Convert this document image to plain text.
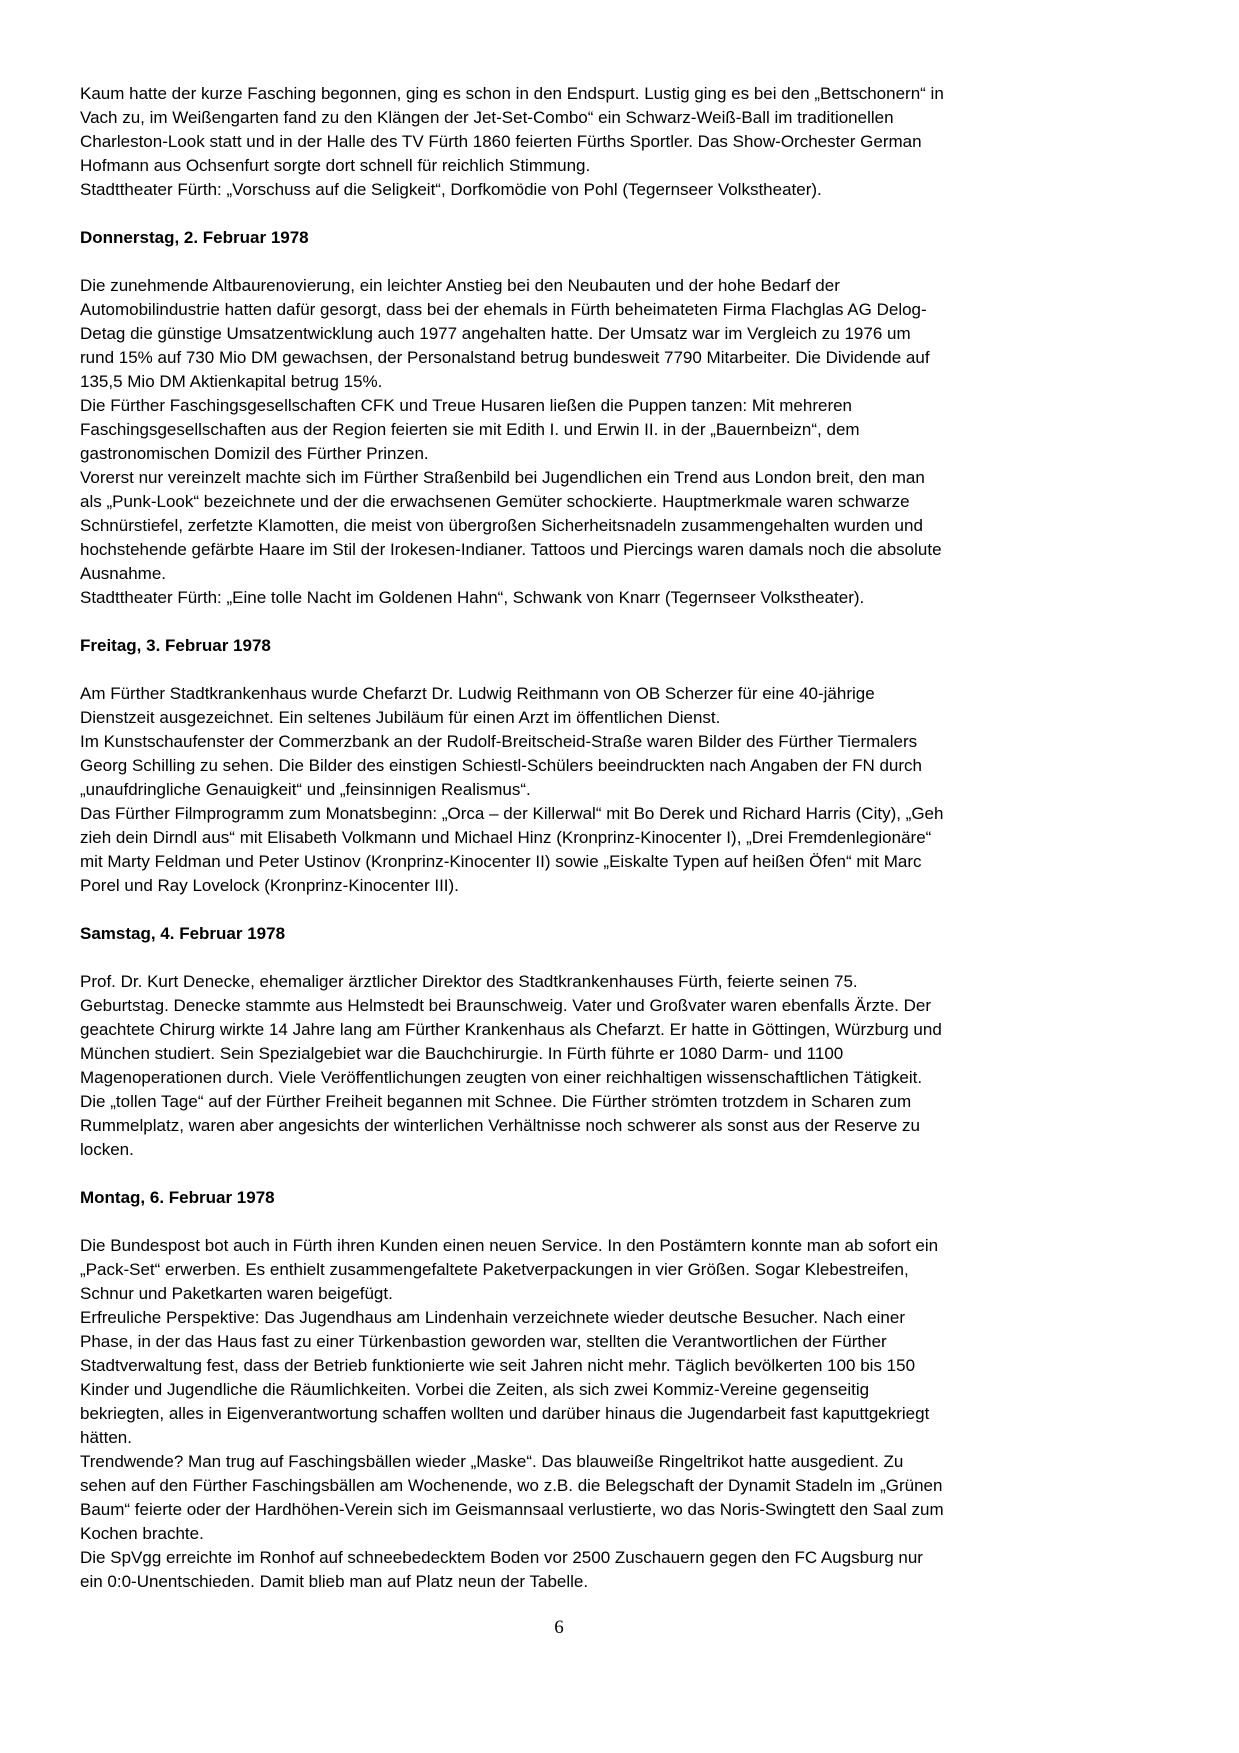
Kaum hatte der kurze Fasching begonnen, ging es schon in den Endspurt. Lustig ging es bei den „Bettschonern“ in
Vach zu, im Weißengarten fand zu den Klängen der Jet-Set-Combo“ ein Schwarz-Weiß-Ball im traditionellen
Charleston-Look statt und in der Halle des TV Fürth 1860 feierten Fürths Sportler. Das Show-Orchester German
Hofmann aus Ochsenfurt sorgte dort schnell für reichlich Stimmung.
Stadttheater Fürth: „Vorschuss auf die Seligkeit“, Dorfkomödie von Pohl (Tegernseer Volkstheater).

Donnerstag, 2. Februar 1978

Die zunehmende Altbaurenovierung, ein leichter Anstieg bei den Neubauten und der hohe Bedarf der
Automobilindustrie hatten dafür gesorgt, dass bei der ehemals in Fürth beheimateten Firma Flachglas AG Delog-
Detag die günstige Umsatzentwicklung auch 1977 angehalten hatte. Der Umsatz war im Vergleich zu 1976 um
rund 15% auf 730 Mio DM gewachsen, der Personalstand betrug bundesweit 7790 Mitarbeiter. Die Dividende auf
135,5 Mio DM Aktienkapital betrug 15%.
Die Fürther Faschingsgesellschaften CFK und Treue Husaren ließen die Puppen tanzen: Mit mehreren
Faschingsgesellschaften aus der Region feierten sie mit Edith I. und Erwin II. in der „Bauernbeizn“, dem
gastronomischen Domizil des Fürther Prinzen.
Vorerst nur vereinzelt machte sich im Fürther Straßenbild bei Jugendlichen ein Trend aus London breit, den man
als „Punk-Look“ bezeichnete und der die erwachsenen Gemüter schockierte. Hauptmerkmale waren schwarze
Schnürstiefel, zerfetzte Klamotten, die meist von übergroßen Sicherheitsnadeln zusammengehalten wurden und
hochstehende gefärbte Haare im Stil der Irokesen-Indianer. Tattoos und Piercings waren damals noch die absolute
Ausnahme.
Stadttheater Fürth: „Eine tolle Nacht im Goldenen Hahn“, Schwank von Knarr (Tegernseer Volkstheater).

Freitag, 3. Februar 1978

Am Fürther Stadtkrankenhaus wurde Chefarzt Dr. Ludwig Reithmann von OB Scherzer für eine 40-jährige
Dienstzeit ausgezeichnet. Ein seltenes Jubiläum für einen Arzt im öffentlichen Dienst.
Im Kunstschaufenster der Commerzbank an der Rudolf-Breitscheid-Straße waren Bilder des Fürther Tiermalers
Georg Schilling zu sehen. Die Bilder des einstigen Schiestl-Schülers beeindruckten nach Angaben der FN durch
„unaufdringliche Genauigkeit“ und „feinsinnigen Realismus“.
Das Fürther Filmprogramm zum Monatsbeginn: „Orca – der Killerwal“ mit Bo Derek und Richard Harris (City), „Geh
zieh dein Dirndl aus“ mit Elisabeth Volkmann und Michael Hinz (Kronprinz-Kinocenter I), „Drei Fremdenlegionäre“
mit Marty Feldman und Peter Ustinov (Kronprinz-Kinocenter II) sowie „Eiskalte Typen auf heißen Öfen“ mit Marc
Porel und Ray Lovelock (Kronprinz-Kinocenter III).

Samstag, 4. Februar 1978

Prof. Dr. Kurt Denecke, ehemaliger ärztlicher Direktor des Stadtkrankenhauses Fürth, feierte seinen 75.
Geburtstag. Denecke stammte aus Helmstedt bei Braunschweig. Vater und Großvater waren ebenfalls Ärzte. Der
geachtete Chirurg wirkte 14 Jahre lang am Fürther Krankenhaus als Chefarzt. Er hatte in Göttingen, Würzburg und
München studiert. Sein Spezialgebiet war die Bauchchirurgie. In Fürth führte er 1080 Darm- und 1100
Magenoperationen durch. Viele Veröffentlichungen zeugten von einer reichhaltigen wissenschaftlichen Tätigkeit.
Die „tollen Tage“ auf der Fürther Freiheit begannen mit Schnee. Die Fürther strömten trotzdem in Scharen zum
Rummelplatz, waren aber angesichts der winterlichen Verhältnisse noch schwerer als sonst aus der Reserve zu
locken.

Montag, 6. Februar 1978

Die Bundespost bot auch in Fürth ihren Kunden einen neuen Service. In den Postämtern konnte man ab sofort ein
„Pack-Set“ erwerben. Es enthielt zusammengefaltete Paketverpackungen in vier Größen. Sogar Klebestreifen,
Schnur und Paketkarten waren beigefügt.
Erfreuliche Perspektive: Das Jugendhaus am Lindenhain verzeichnete wieder deutsche Besucher. Nach einer
Phase, in der das Haus fast zu einer Türkenbastion geworden war, stellten die Verantwortlichen der Fürther
Stadtverwaltung fest, dass der Betrieb funktionierte wie seit Jahren nicht mehr. Täglich bevölkerten 100 bis 150
Kinder und Jugendliche die Räumlichkeiten. Vorbei die Zeiten, als sich zwei Kommiz-Vereine gegenseitig
bekriegten, alles in Eigenverantwortung schaffen wollten und darüber hinaus die Jugendarbeit fast kaputtgekriegt
hätten.
Trendwende? Man trug auf Faschingsbällen wieder „Maske“. Das blauweiße Ringeltrikot hatte ausgedient. Zu
sehen auf den Fürther Faschingsbällen am Wochenende, wo z.B. die Belegschaft der Dynamit Stadeln im „Grünen
Baum“ feierte oder der Hardhöhen-Verein sich im Geismannsaal verlustierte, wo das Noris-Swingtett den Saal zum
Kochen brachte.
Die SpVgg erreichte im Ronhof auf schneebedecktem Boden vor 2500 Zuschauern gegen den FC Augsburg nur
ein 0:0-Unentschieden. Damit blieb man auf Platz neun der Tabelle.
6
